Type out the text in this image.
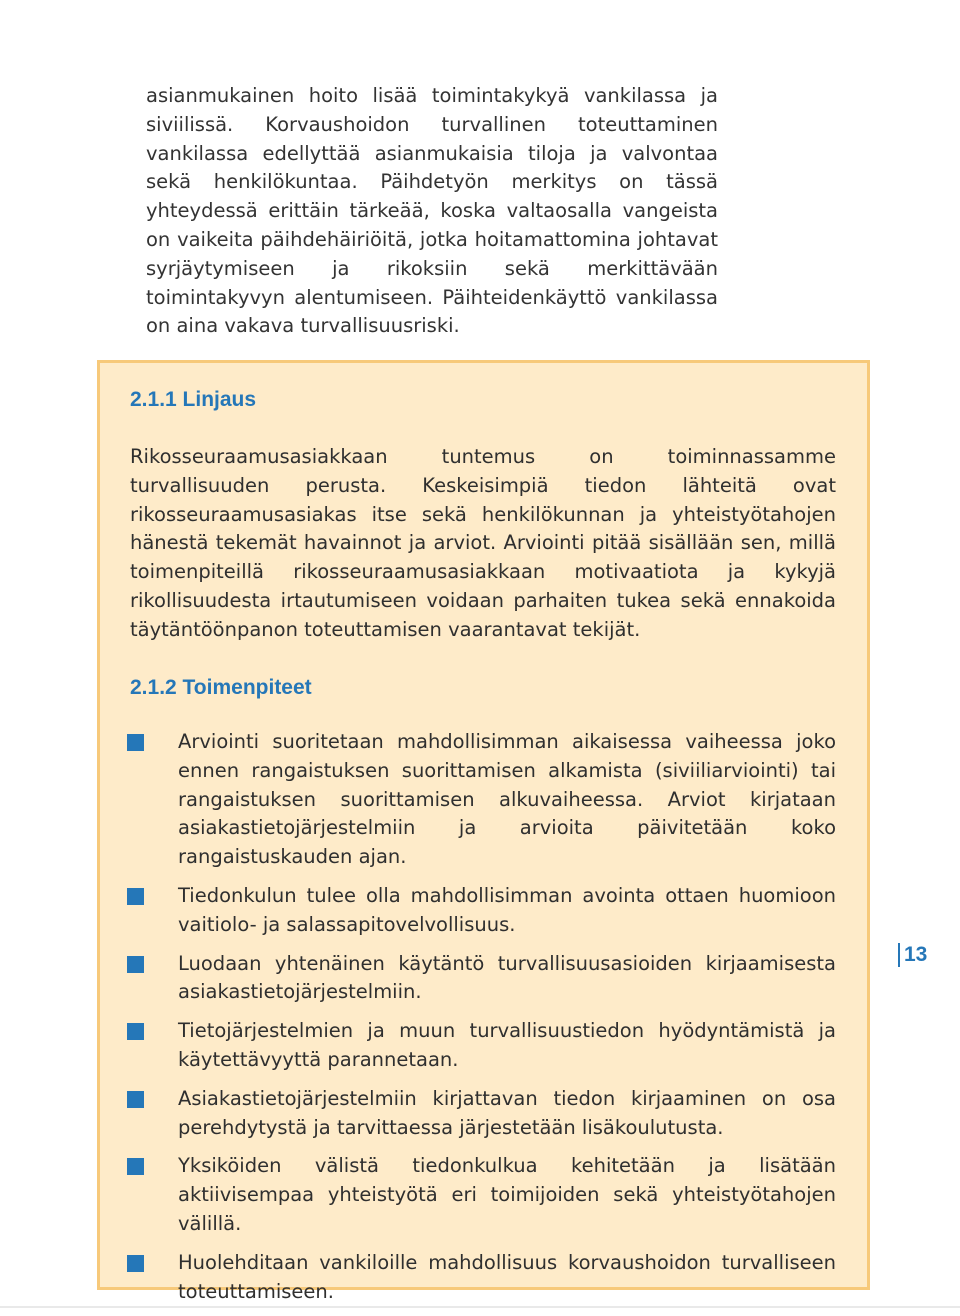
asianmukainen hoito lisää toimintakykyä vankilassa ja siviilissä. Korvaushoidon turvallinen toteuttaminen vankilassa edellyttää asianmukaisia tiloja ja valvontaa sekä henkilökuntaa. Päihdetyön merkitys on tässä yhteydessä erittäin tärkeää, koska valtaosalla vangeista on vaikeita päihdehäiriöitä, jotka hoitamattomina johtavat syrjäytymiseen ja rikoksiin sekä merkittävään toimintakyvyn alentumiseen. Päihteidenkäyttö vankilassa on aina vakava turvallisuusriski.

2.1.1 Linjaus

Rikosseuraamusasiakkaan tuntemus on toiminnassamme turvallisuuden perusta. Keskeisimpiä tiedon lähteitä ovat rikosseuraamusasiakas itse sekä henkilökunnan ja yhteistyötahojen hänestä tekemät havainnot ja arviot. Arviointi pitää sisällään sen, millä toimenpiteillä rikosseuraamusasiakkaan motivaatiota ja kykyjä rikollisuudesta irtautumiseen voidaan parhaiten tukea sekä ennakoida täytäntöönpanon toteuttamisen vaarantavat tekijät.

2.1.2 Toimenpiteet

Arviointi suoritetaan mahdollisimman aikaisessa vaiheessa joko ennen rangaistuksen suorittamisen alkamista (siviiliarviointi) tai rangaistuksen suorittamisen alkuvaiheessa. Arviot kirjataan asiakastietojärjestelmiin ja arvioita päivitetään koko rangaistuskauden ajan.

Tiedonkulun tulee olla mahdollisimman avointa ottaen huomioon vaitiolo- ja salassapitovelvollisuus.

Luodaan yhtenäinen käytäntö turvallisuusasioiden kirjaamisesta asiakastietojärjestelmiin.

Tietojärjestelmien ja muun turvallisuustiedon hyödyntämistä ja käytettävyyttä parannetaan.

Asiakastietojärjestelmiin kirjattavan tiedon kirjaaminen on osa perehdytystä ja tarvittaessa järjestetään lisäkoulutusta.

Yksiköiden välistä tiedonkulkua kehitetään ja lisätään aktiivisempaa yhteistyötä eri toimijoiden sekä yhteistyötahojen välillä.

Huolehditaan vankiloille mahdollisuus korvaushoidon turvalliseen toteuttamiseen.

13
